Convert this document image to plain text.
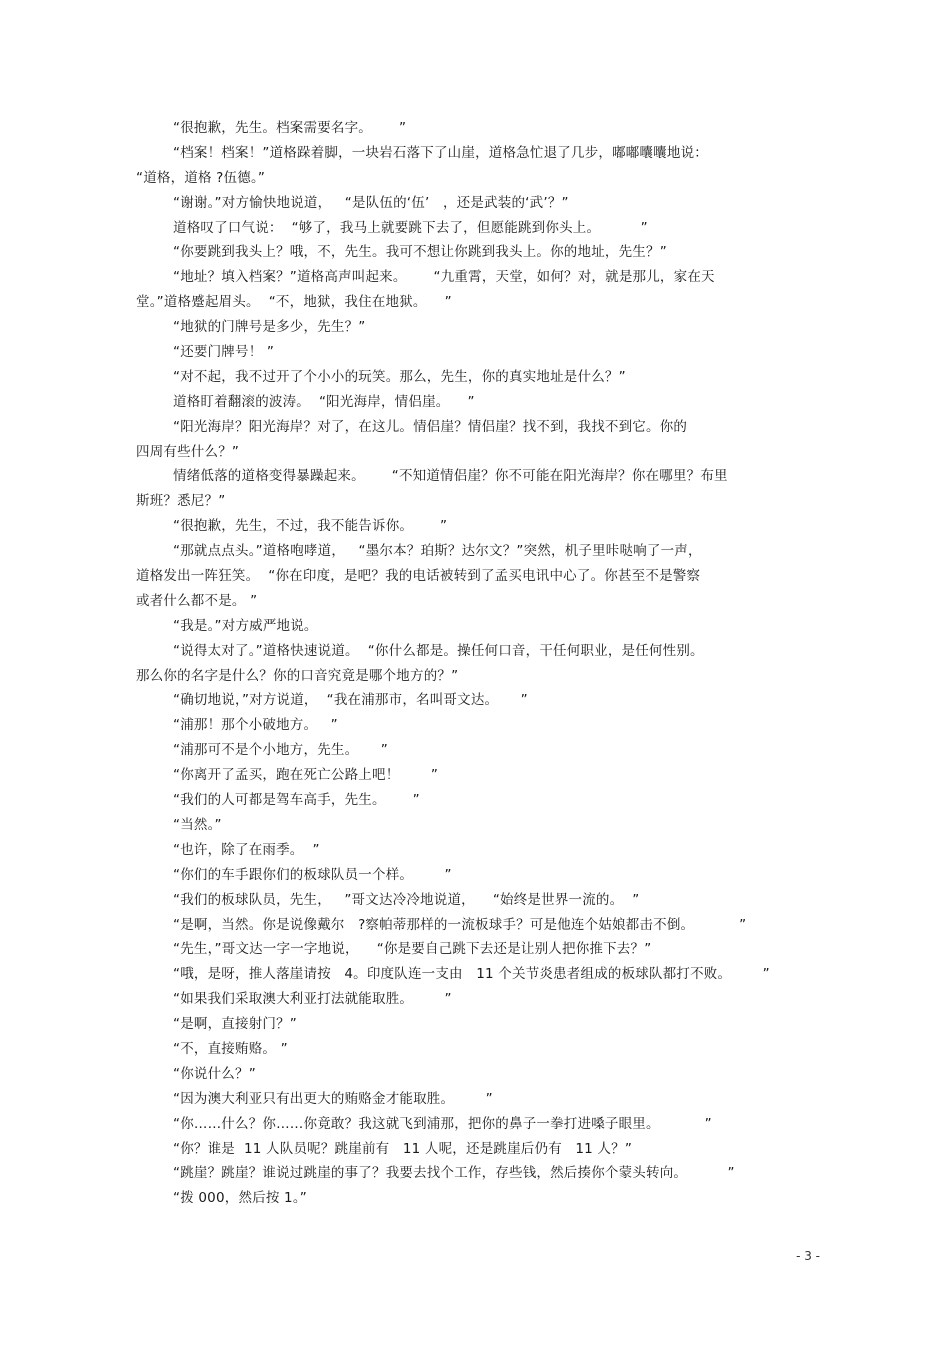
“很抱歉，先生。档案需要名字。      ”
“档案！档案！”道格跺着脚，一块岩石落下了山崖，道格急忙退了几步，嘟嘟囔囔地说：
“道格，道格 ?伍德。”
“谢谢。”对方愉快地说道，   “是队伍的‘伍’   ，还是武装的‘武’？”
道格叹了口气说：  “够了，我马上就要跳下去了，但愿能跳到你头上。         ”
“你要跳到我头上？哦，不，先生。我可不想让你跳到我头上。你的地址，先生？”
“地址？填入档案？”道格高声叫起来。      “九重霄，天堂，如何？对，就是那儿，家在天
堂。”道格蹙起眉头。  “不，地狱，我住在地狱。    ”
“地狱的门牌号是多少，先生？”
“还要门牌号！ ”
“对不起，我不过开了个小小的玩笑。那么，先生，你的真实地址是什么？”
道格盯着翻滚的波涛。  “阳光海岸，情侣崖。    ”
“阳光海岸？阳光海岸？对了，在这儿。情侣崖？情侣崖？找不到，我找不到它。你的
四周有些什么？”
情绪低落的道格变得暴躁起来。      “不知道情侣崖？你不可能在阳光海岸？你在哪里？布里
斯班？悉尼？”
“很抱歉，先生，不过，我不能告诉你。      ”
“那就点点头。”道格咆哮道，   “墨尔本？珀斯？达尔文？”突然，机子里咔哒响了一声，
道格发出一阵狂笑。  “你在印度，是吧？我的电话被转到了孟买电讯中心了。你甚至不是警察
或者什么都不是。 ”
“我是。”对方威严地说。
“说得太对了。”道格快速说道。  “你什么都是。操任何口音，干任何职业，是任何性别。
那么你的名字是什么？你的口音究竟是哪个地方的？”
“确切地说，”对方说道，  “我在浦那市，名叫哥文达。     ”
“浦那！那个小破地方。   ”
“浦那可不是个小地方，先生。     ”
“你离开了孟买，跑在死亡公路上吧！       ”
“我们的人可都是驾车高手，先生。      ”
“当然。”
“也许，除了在雨季。  ”
“你们的车手跟你们的板球队员一个样。       ”
“我们的板球队员，先生，   ”哥文达冷冷地说道，    “始终是世界一流的。  ”
“是啊，当然。你是说像戴尔   ?察帕蒂那样的一流板球手？可是他连个姑娘都击不倒。          ”
“先生，”哥文达一字一字地说，    “你是要自己跳下去还是让别人把你推下去？”
“哦，是呀，推人落崖请按   4。印度队连一支由   11 个关节炎患者组成的板球队都打不败。       ”
“如果我们采取澳大利亚打法就能取胜。       ”
“是啊，直接射门？”
“不，直接贿赂。 ”
“你说什么？”
“因为澳大利亚只有出更大的贿赂金才能取胜。       ”
“你……什么？你……你竟敢？我这就飞到浦那，把你的鼻子一拳打进嗓子眼里。          ”
“你？谁是  11 人队员呢？跳崖前有   11 人呢，还是跳崖后仍有   11 人？”
“跳崖？跳崖？谁说过跳崖的事了？我要去找个工作，存些钱，然后揍你个蒙头转向。         ”
“拨 000，然后按 1。”
- 3 -
